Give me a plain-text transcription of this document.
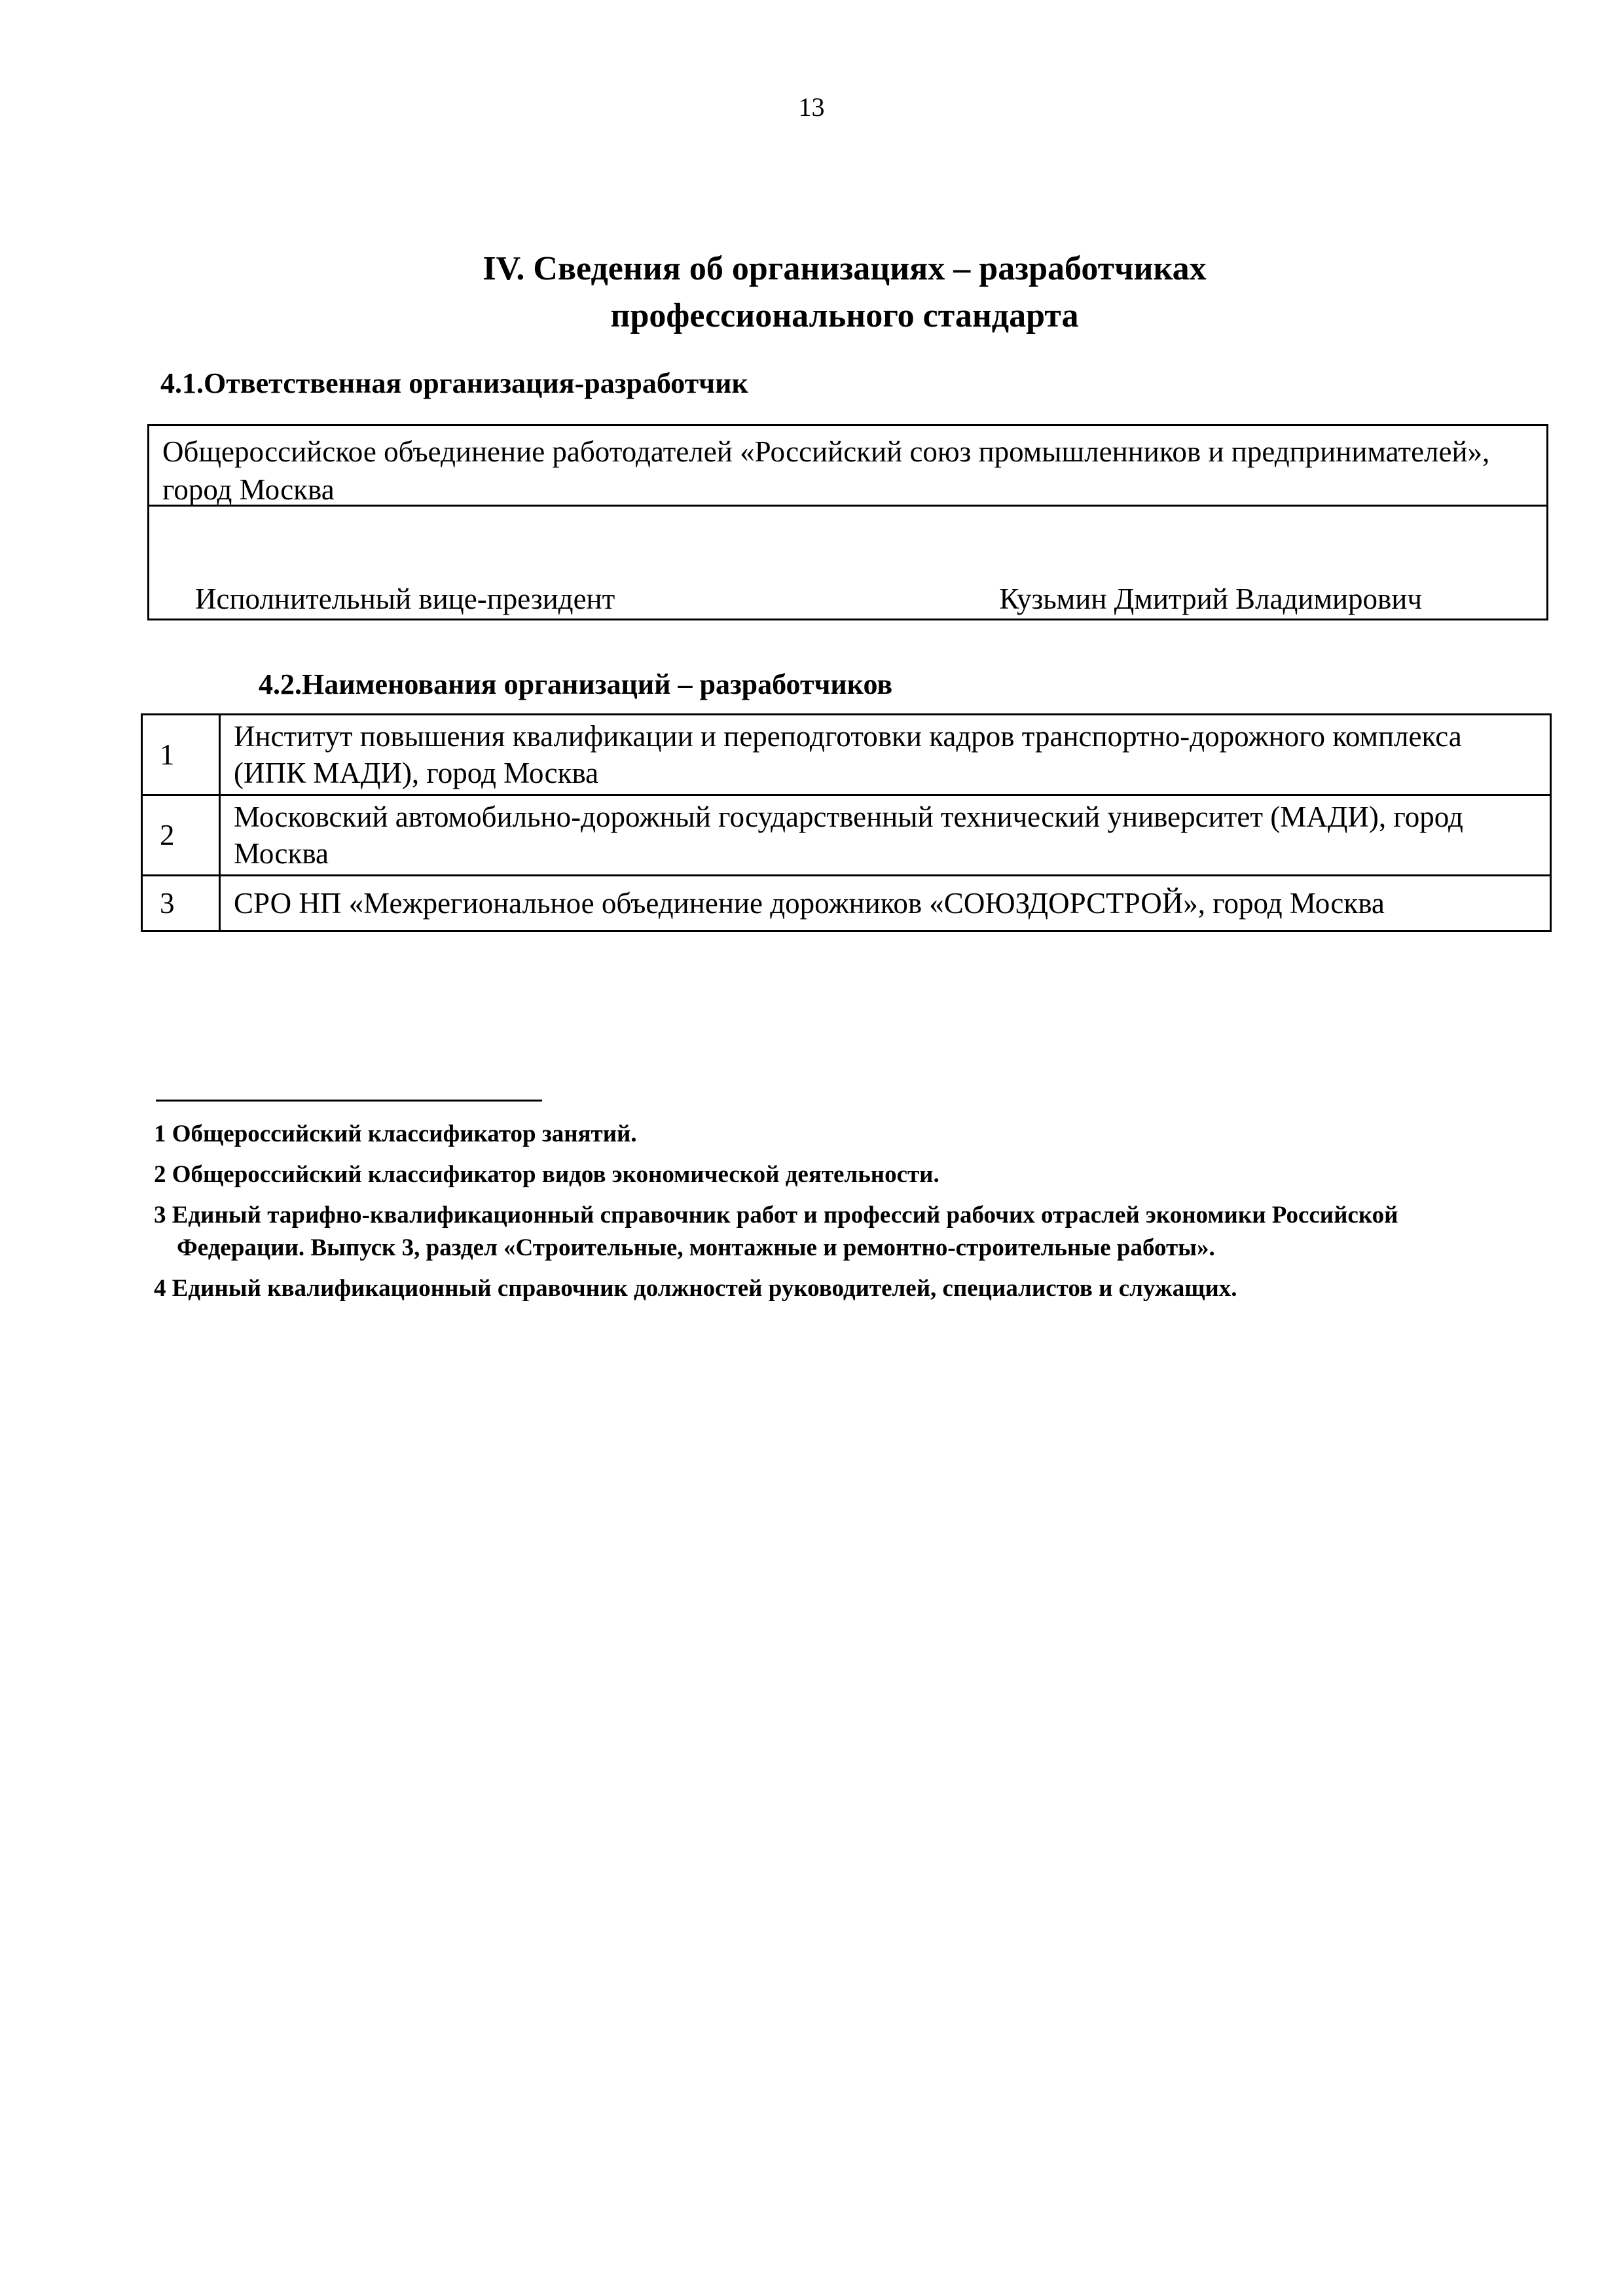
13
IV. Сведения об организациях – разработчиках
профессионального стандарта
4.1.Ответственная организация-разработчик
Общероссийское объединение работодателей «Российский союз промышленников и предпринимателей», город Москва
Исполнительный вице-президент	Кузьмин Дмитрий Владимирович
4.2.Наименования организаций – разработчиков
1	Институт повышения квалификации и переподготовки кадров транспортно-дорожного комплекса (ИПК МАДИ), город Москва
2	Московский автомобильно-дорожный государственный технический университет (МАДИ), город Москва
3	СРО НП «Межрегиональное объединение дорожников «СОЮЗДОРСТРОЙ», город Москва

1 Общероссийский классификатор занятий.

2 Общероссийский классификатор видов экономической деятельности.

3 Единый тарифно-квалификационный справочник работ и профессий рабочих отраслей экономики Российской
Федерации. Выпуск 3, раздел «Строительные, монтажные и ремонтно-строительные работы».

4 Единый квалификационный справочник должностей руководителей, специалистов и служащих.
